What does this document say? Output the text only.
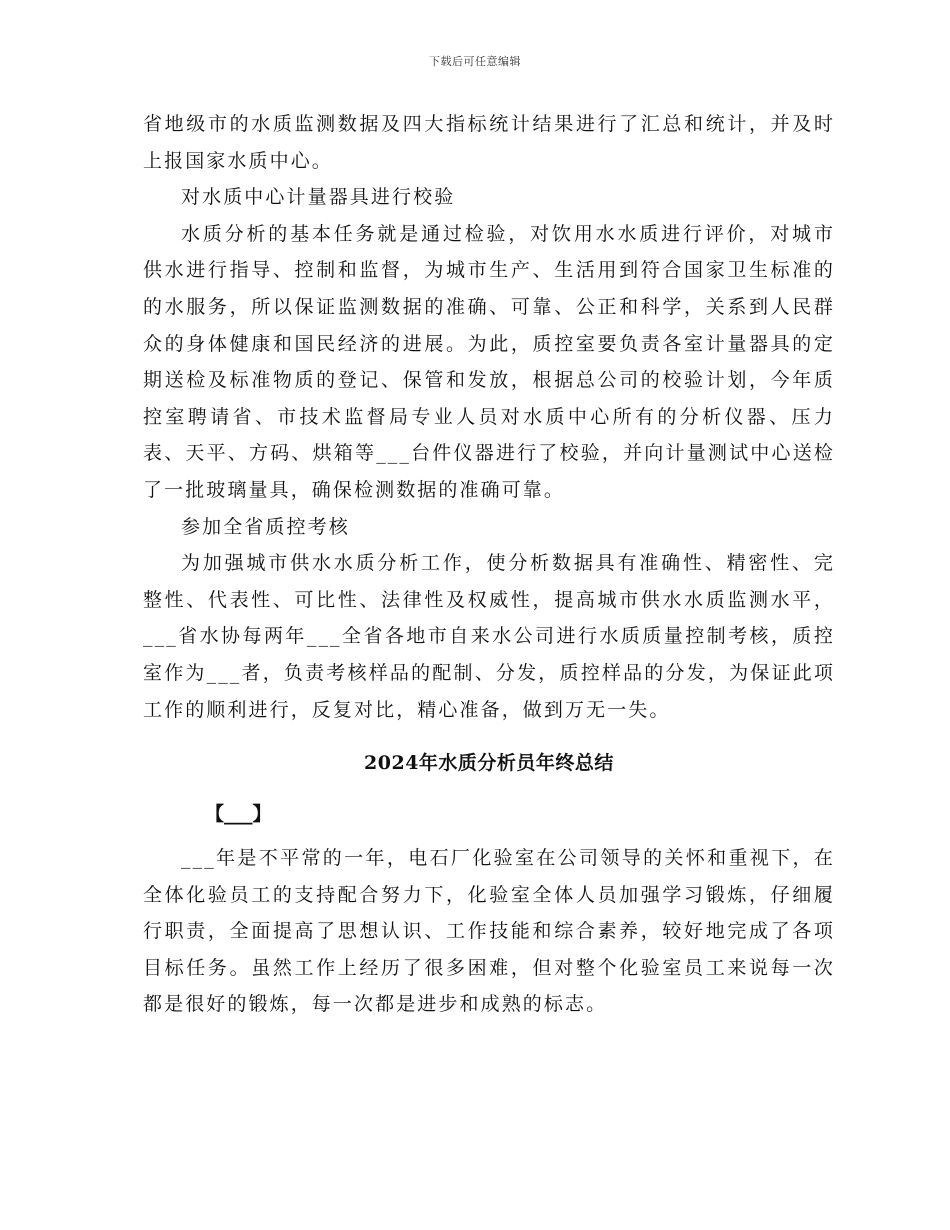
下载后可任意编辑

省地级市的水质监测数据及四大指标统计结果进行了汇总和统计，并及时上报国家水质中心。

对水质中心计量器具进行校验

水质分析的基本任务就是通过检验，对饮用水水质进行评价，对城市供水进行指导、控制和监督，为城市生产、生活用到符合国家卫生标准的的水服务，所以保证监测数据的准确、可靠、公正和科学，关系到人民群众的身体健康和国民经济的进展。为此，质控室要负责各室计量器具的定期送检及标准物质的登记、保管和发放，根据总公司的校验计划，今年质控室聘请省、市技术监督局专业人员对水质中心所有的分析仪器、压力表、天平、方码、烘箱等___台件仪器进行了校验，并向计量测试中心送检了一批玻璃量具，确保检测数据的准确可靠。

参加全省质控考核

为加强城市供水水质分析工作，使分析数据具有准确性、精密性、完整性、代表性、可比性、法律性及权威性，提高城市供水水质监测水平，___省水协每两年___全省各地市自来水公司进行水质质量控制考核，质控室作为___者，负责考核样品的配制、分发，质控样品的分发，为保证此项工作的顺利进行，反复对比，精心准备，做到万无一失。

2024年水质分析员年终总结
【___】

___年是不平常的一年，电石厂化验室在公司领导的关怀和重视下，在全体化验员工的支持配合努力下，化验室全体人员加强学习锻炼，仔细履行职责，全面提高了思想认识、工作技能和综合素养，较好地完成了各项目标任务。虽然工作上经历了很多困难，但对整个化验室员工来说每一次都是很好的锻炼，每一次都是进步和成熟的标志。
